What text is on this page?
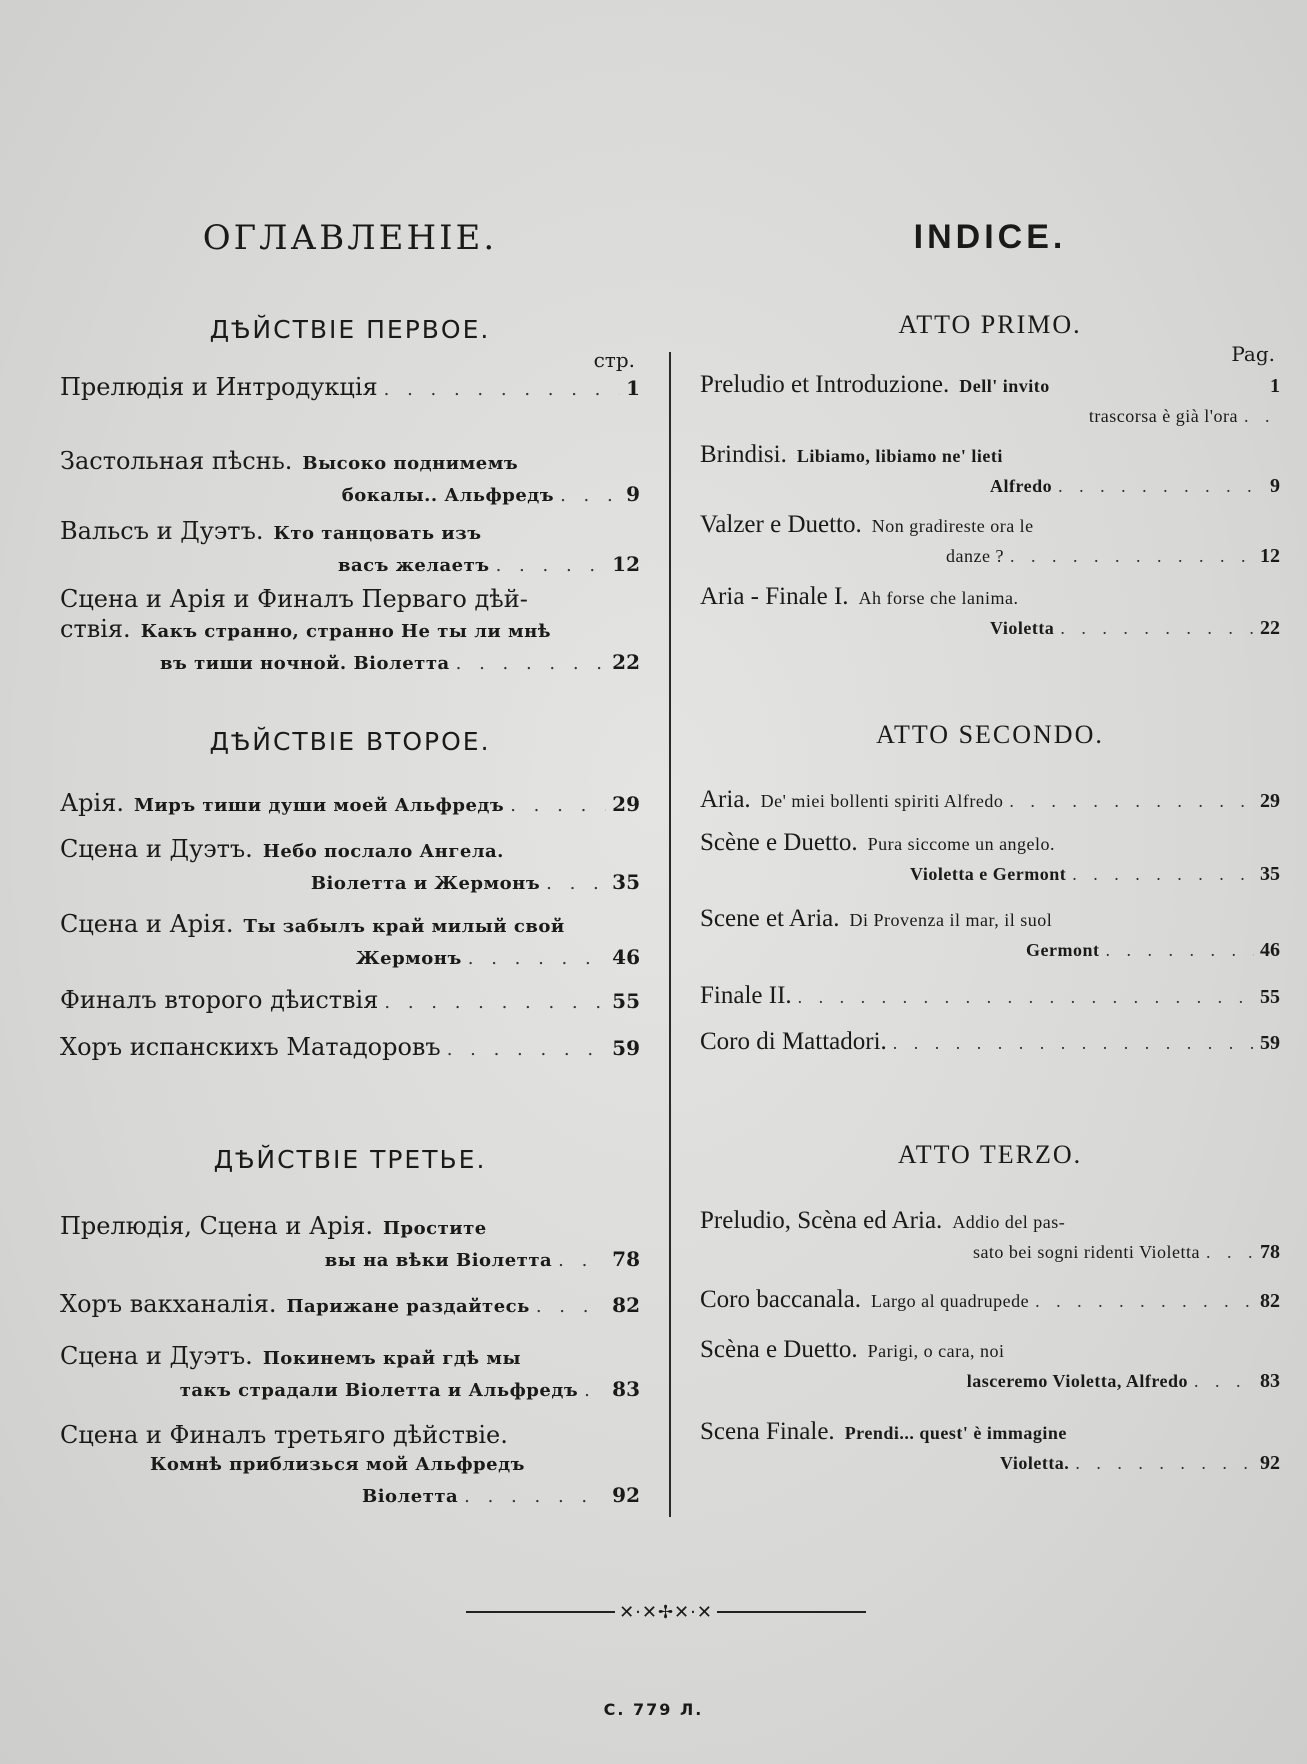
ОГЛАВЛЕНІЕ.
ДѢЙСТВІЕ ПЕРВОЕ.
стр.
Прелюдія и Интродукція . . .	1
Застольная пѣснь. Высоко поднимемъ
бокалы.. Альфредъ . . .	9
Вальсъ и Дуэтъ. Кто танцовать изъ
васъ желаетъ . . .	12
Сцена и Арія и Финалъ Перваго дѣй-
ствія. Какъ странно, странно Не ты ли мнѣ
въ тиши ночной. Віолетта . . .	22
ДѢЙСТВІЕ ВТОРОЕ.
Арія. Миръ тиши души моей Альфредъ . . .	29
Сцена и Дуэтъ. Небо послало Ангела.
Віолетта и Жермонъ . . .	35
Сцена и Арія. Ты забылъ край милый свой
Жермонъ . . .	46
Финалъ второго дѣиствія . . .	55
Хоръ испанскихъ Матадоровъ . . .	59
ДѢЙСТВІЕ ТРЕТЬЕ.
Прелюдія, Сцена и Арія. Простите
вы на вѣки Віолетта . . .	78
Хоръ вакханалія. Парижане раздайтесь . . .	82
Сцена и Дуэтъ. Покинемъ край гдѣ мы
такъ страдали Віолетта и Альфредъ . . . 83
Сцена и Финалъ третьяго дѣйствіе.
Комнѣ приблизься мой Альфредъ
Віолетта . . .	92
INDICE.
ATTO PRIMO.
Pag.
Preludio et Introduzione. Dell' invito	1
trascorsa è già l'ora
. . .
Brindisi. Libiamo, libiamo ne' lieti
Alfredo . . .	9
Valzer e Duetto. Non gradireste ora le
danze ? . . .	12
Aria - Finale I. Ah forse che lanima.
Violetta . . .	22
ATTO SECONDO.
Aria. De' miei bollenti spiriti Alfredo . . .	29
Scène e Duetto. Pura siccome un angelo.
Violetta e Germont . . .	35
Scene et Aria. Di Provenza il mar, il suol
Germont . . .	46
Finale II. . . .	55
Coro di Mattadori. . . .	59
ATTO TERZO.
Preludio, Scèna ed Aria. Addio del pas-
sato bei sogni ridenti Violetta . . .	78
Coro baccanala. Largo al quadrupede . . .	82
Scèna e Duetto. Parigi, o cara, noi
lasceremo Violetta, Alfredo . . .	83
Scena Finale. Prendi... quest' è immagine
Violetta. . . .	92
✕·✕✢✕·✕
С. 779 Л.
